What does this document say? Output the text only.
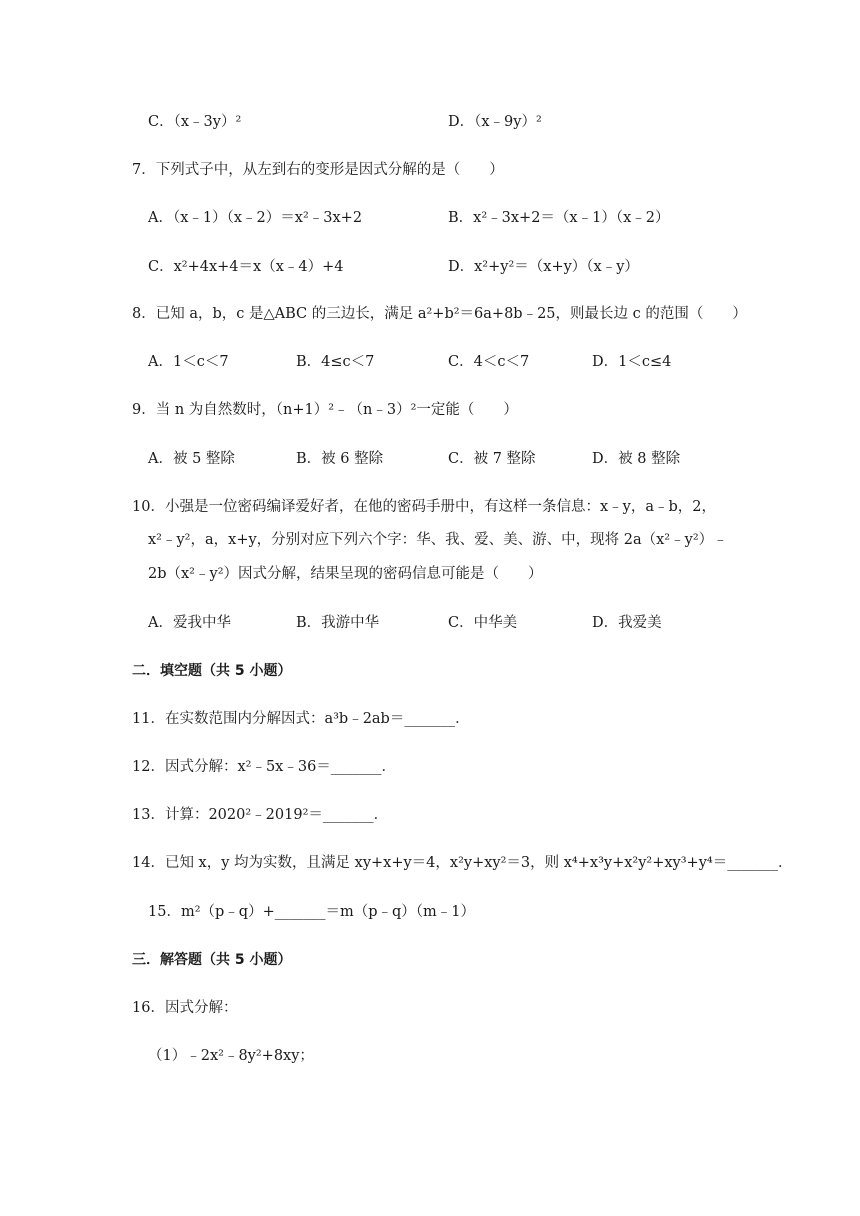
C．（x﹣3y）²	D．（x﹣9y）²
7．下列式子中，从左到右的变形是因式分解的是（　　）
A．（x﹣1）（x﹣2）＝x²﹣3x+2	B．x²﹣3x+2＝（x﹣1）（x﹣2）
C．x²+4x+4＝x（x﹣4）+4	D．x²+y²＝（x+y）（x﹣y）
8．已知 a，b，c 是△ABC 的三边长，满足 a²+b²＝6a+8b﹣25，则最长边 c 的范围（　　）
A．1＜c＜7	B．4≤c＜7	C．4＜c＜7	D．1＜c≤4
9．当 n 为自然数时，（n+1）²﹣（n﹣3）²一定能（　　）
A．被 5 整除	B．被 6 整除	C．被 7 整除	D．被 8 整除
10．小强是一位密码编译爱好者，在他的密码手册中，有这样一条信息：x﹣y，a﹣b，2，
x²﹣y²，a，x+y，分别对应下列六个字：华、我、爱、美、游、中，现将 2a（x²﹣y²）﹣
2b（x²﹣y²）因式分解，结果呈现的密码信息可能是（　　）
A．爱我中华	B．我游中华	C．中华美	D．我爱美
二．填空题（共 5 小题）
11．在实数范围内分解因式：a³b﹣2ab＝_______．
12．因式分解：x²﹣5x﹣36＝_______．
13．计算：2020²﹣2019²＝_______．
14．已知 x，y 均为实数，且满足 xy+x+y＝4，x²y+xy²＝3，则 x⁴+x³y+x²y²+xy³+y⁴＝_______．
15．m²（p﹣q）+_______＝m（p﹣q）（m﹣1）
三．解答题（共 5 小题）
16．因式分解：
（1）﹣2x²﹣8y²+8xy；
